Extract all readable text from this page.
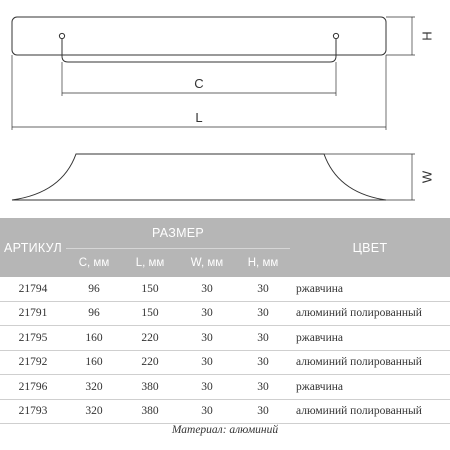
H
C
L
W
АРТИКУЛ	РАЗМЕР				ЦВЕТ
	C, мм	L, мм	W, мм	H, мм	
21794	96	150	30	30	ржавчина
21791	96	150	30	30	алюминий полированный
21795	160	220	30	30	ржавчина
21792	160	220	30	30	алюминий полированный
21796	320	380	30	30	ржавчина
21793	320	380	30	30	алюминий полированный
Материал: алюминий
